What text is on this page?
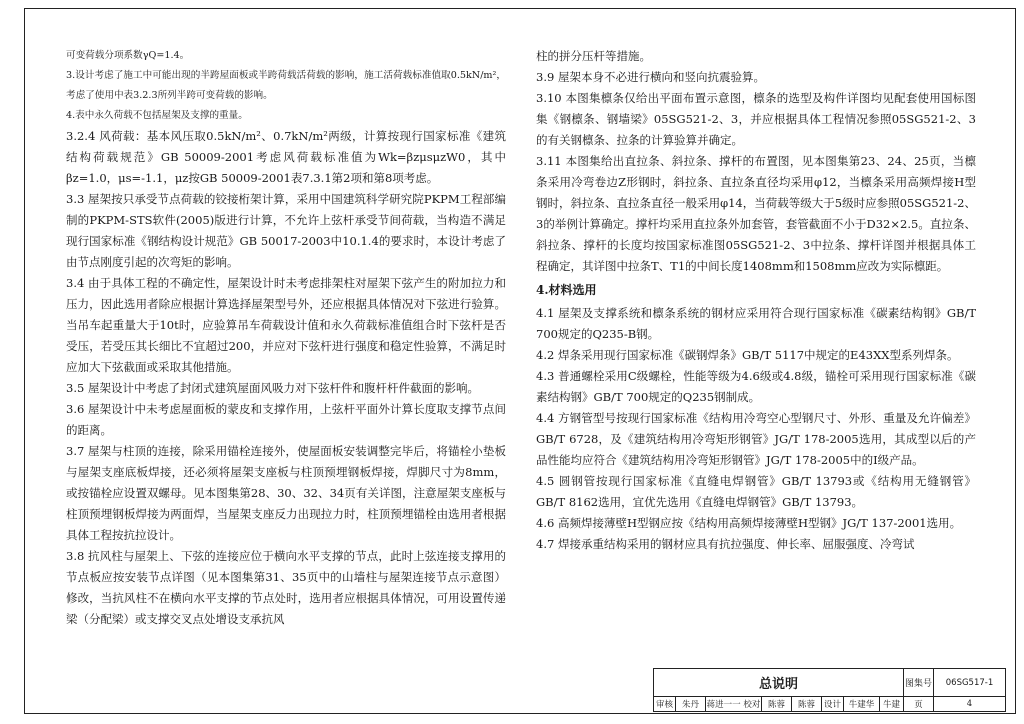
可变荷载分项系数γQ=1.4。

3.设计考虑了施工中可能出现的半跨屋面板或半跨荷载活荷载的影响，施工活荷载标准值取0.5kN/m²，考虑了使用中表3.2.3所列半跨可变荷载的影响。

4.表中永久荷载不包括屋架及支撑的重量。

3.2.4 风荷载：基本风压取0.5kN/m²、0.7kN/m²两级，计算按现行国家标准《建筑结构荷载规范》GB 50009-2001考虑风荷载标准值为Wk=βzμsμzW0，其中βz=1.0，μs=-1.1，μz按GB 50009-2001表7.3.1第2项和第8项考虑。

3.3 屋架按只承受节点荷载的铰接桁架计算，采用中国建筑科学研究院PKPM工程部编制的PKPM-STS软件(2005)版进行计算，不允许上弦杆承受节间荷载，当构造不满足现行国家标准《钢结构设计规范》GB 50017-2003中10.1.4的要求时，本设计考虑了由节点刚度引起的次弯矩的影响。

3.4 由于具体工程的不确定性，屋架设计时未考虑排架柱对屋架下弦产生的附加拉力和压力，因此选用者除应根据计算选择屋架型号外，还应根据具体情况对下弦进行验算。当吊车起重量大于10t时，应验算吊车荷载设计值和永久荷载标准值组合时下弦杆是否受压，若受压其长细比不宜超过200，并应对下弦杆进行强度和稳定性验算，不满足时应加大下弦截面或采取其他措施。

3.5 屋架设计中考虑了封闭式建筑屋面风吸力对下弦杆件和腹杆杆件截面的影响。

3.6 屋架设计中未考虑屋面板的蒙皮和支撑作用，上弦杆平面外计算长度取支撑节点间的距离。

3.7 屋架与柱顶的连接，除采用锚栓连接外，使屋面板安装调整完毕后，将锚栓小垫板与屋架支座底板焊接，还必须将屋架支座板与柱顶预埋钢板焊接，焊脚尺寸为8mm，或按锚栓应设置双螺母。见本图集第28、30、32、34页有关详图，注意屋架支座板与柱顶预埋钢板焊接为两面焊，当屋架支座反力出现拉力时，柱顶预埋锚栓由选用者根据具体工程按抗拉设计。

3.8 抗风柱与屋架上、下弦的连接应位于横向水平支撑的节点，此时上弦连接支撑用的节点板应按安装节点详图（见本图集第31、35页中的山墙柱与屋架连接节点示意图）修改，当抗风柱不在横向水平支撑的节点处时，选用者应根据具体情况，可用设置传递梁（分配梁）或支撑交叉点处增设支承抗风

柱的拼分压杆等措施。

3.9 屋架本身不必进行横向和竖向抗震验算。

3.10 本图集檩条仅给出平面布置示意图，檩条的选型及构件详图均见配套使用国标图集《钢檩条、钢墙梁》05SG521-2、3，并应根据具体工程情况参照05SG521-2、3的有关钢檩条、拉条的计算验算并确定。

3.11 本图集给出直拉条、斜拉条、撑杆的布置图，见本图集第23、24、25页，当檩条采用冷弯卷边Z形钢时，斜拉条、直拉条直径均采用φ12，当檩条采用高频焊接H型钢时，斜拉条、直拉条直径一般采用φ14，当荷载等级大于5级时应参照05SG521-2、3的举例计算确定。撑杆均采用直拉条外加套管，套管截面不小于D32×2.5。直拉条、斜拉条、撑杆的长度均按国家标准图05SG521-2、3中拉条、撑杆详图并根据具体工程确定，其详图中拉条T、T1的中间长度1408mm和1508mm应改为实际檩距。

4.材料选用

4.1 屋架及支撑系统和檩条系统的钢材应采用符合现行国家标准《碳素结构钢》GB/T 700规定的Q235-B钢。

4.2 焊条采用现行国家标准《碳钢焊条》GB/T 5117中规定的E43XX型系列焊条。

4.3 普通螺栓采用C级螺栓，性能等级为4.6级或4.8级，锚栓可采用现行国家标准《碳素结构钢》GB/T 700规定的Q235钢制成。

4.4 方钢管型号按现行国家标准《结构用冷弯空心型钢尺寸、外形、重量及允许偏差》GB/T 6728，及《建筑结构用冷弯矩形钢管》JG/T 178-2005选用，其成型以后的产品性能均应符合《建筑结构用冷弯矩形钢管》JG/T 178-2005中的Ⅰ级产品。

4.5 圆钢管按现行国家标准《直缝电焊钢管》GB/T 13793或《结构用无缝钢管》GB/T 8162选用，宜优先选用《直缝电焊钢管》GB/T 13793。

4.6 高频焊接薄壁H型钢应按《结构用高频焊接薄壁H型钢》JG/T 137-2001选用。

4.7 焊接承重结构采用的钢材应具有抗拉强度、伸长率、屈服强度、冷弯试

总说明	图集号	06SG517-1
审核	朱丹 蒋进一一 校对 陈蓉	陈蓉	设计 牛建华	牛建	页	4
